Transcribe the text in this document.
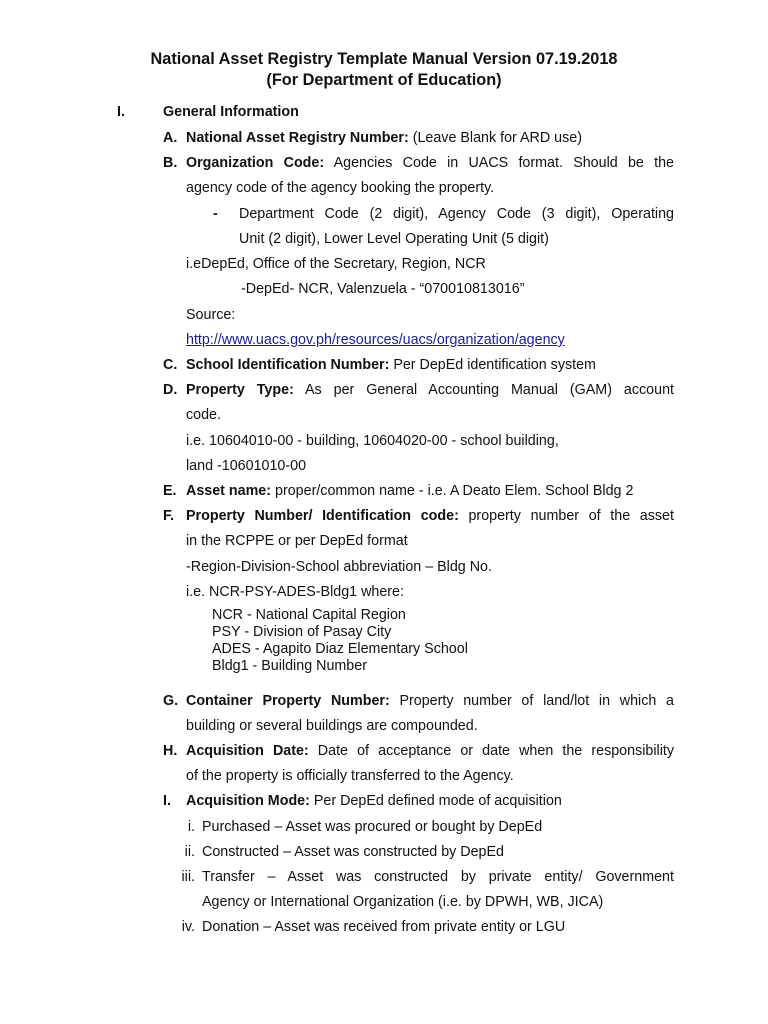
National Asset Registry Template Manual Version 07.19.2018
(For Department of Education)
I.	General Information
A. National Asset Registry Number: (Leave Blank for ARD use)
B. Organization Code: Agencies Code in UACS format. Should be the
agency code of the agency booking the property.
- Department Code (2 digit), Agency Code (3 digit), Operating
Unit (2 digit), Lower Level Operating Unit (5 digit)
i.eDepEd, Office of the Secretary, Region, NCR
-DepEd- NCR, Valenzuela - “070010813016”
Source:
http://www.uacs.gov.ph/resources/uacs/organization/agency
C. School Identification Number: Per DepEd identification system
D. Property Type: As per General Accounting Manual (GAM) account
code.
i.e. 10604010-00 - building, 10604020-00 - school building,
land -10601010-00
E. Asset name: proper/common name - i.e. A Deato Elem. School Bldg 2
F. Property Number/ Identification code: property number of the asset
in the RCPPE or per DepEd format
-Region-Division-School abbreviation – Bldg No.
i.e. NCR-PSY-ADES-Bldg1 where:
NCR - National Capital Region
PSY - Division of Pasay City
ADES - Agapito Diaz Elementary School
Bldg1 - Building Number
G. Container Property Number: Property number of land/lot in which a
building or several buildings are compounded.
H. Acquisition Date: Date of acceptance or date when the responsibility
of the property is officially transferred to the Agency.
I. Acquisition Mode: Per DepEd defined mode of acquisition
i. Purchased – Asset was procured or bought by DepEd
ii. Constructed – Asset was constructed by DepEd
iii. Transfer – Asset was constructed by private entity/ Government
Agency or International Organization (i.e. by DPWH, WB, JICA)
iv. Donation – Asset was received from private entity or LGU
